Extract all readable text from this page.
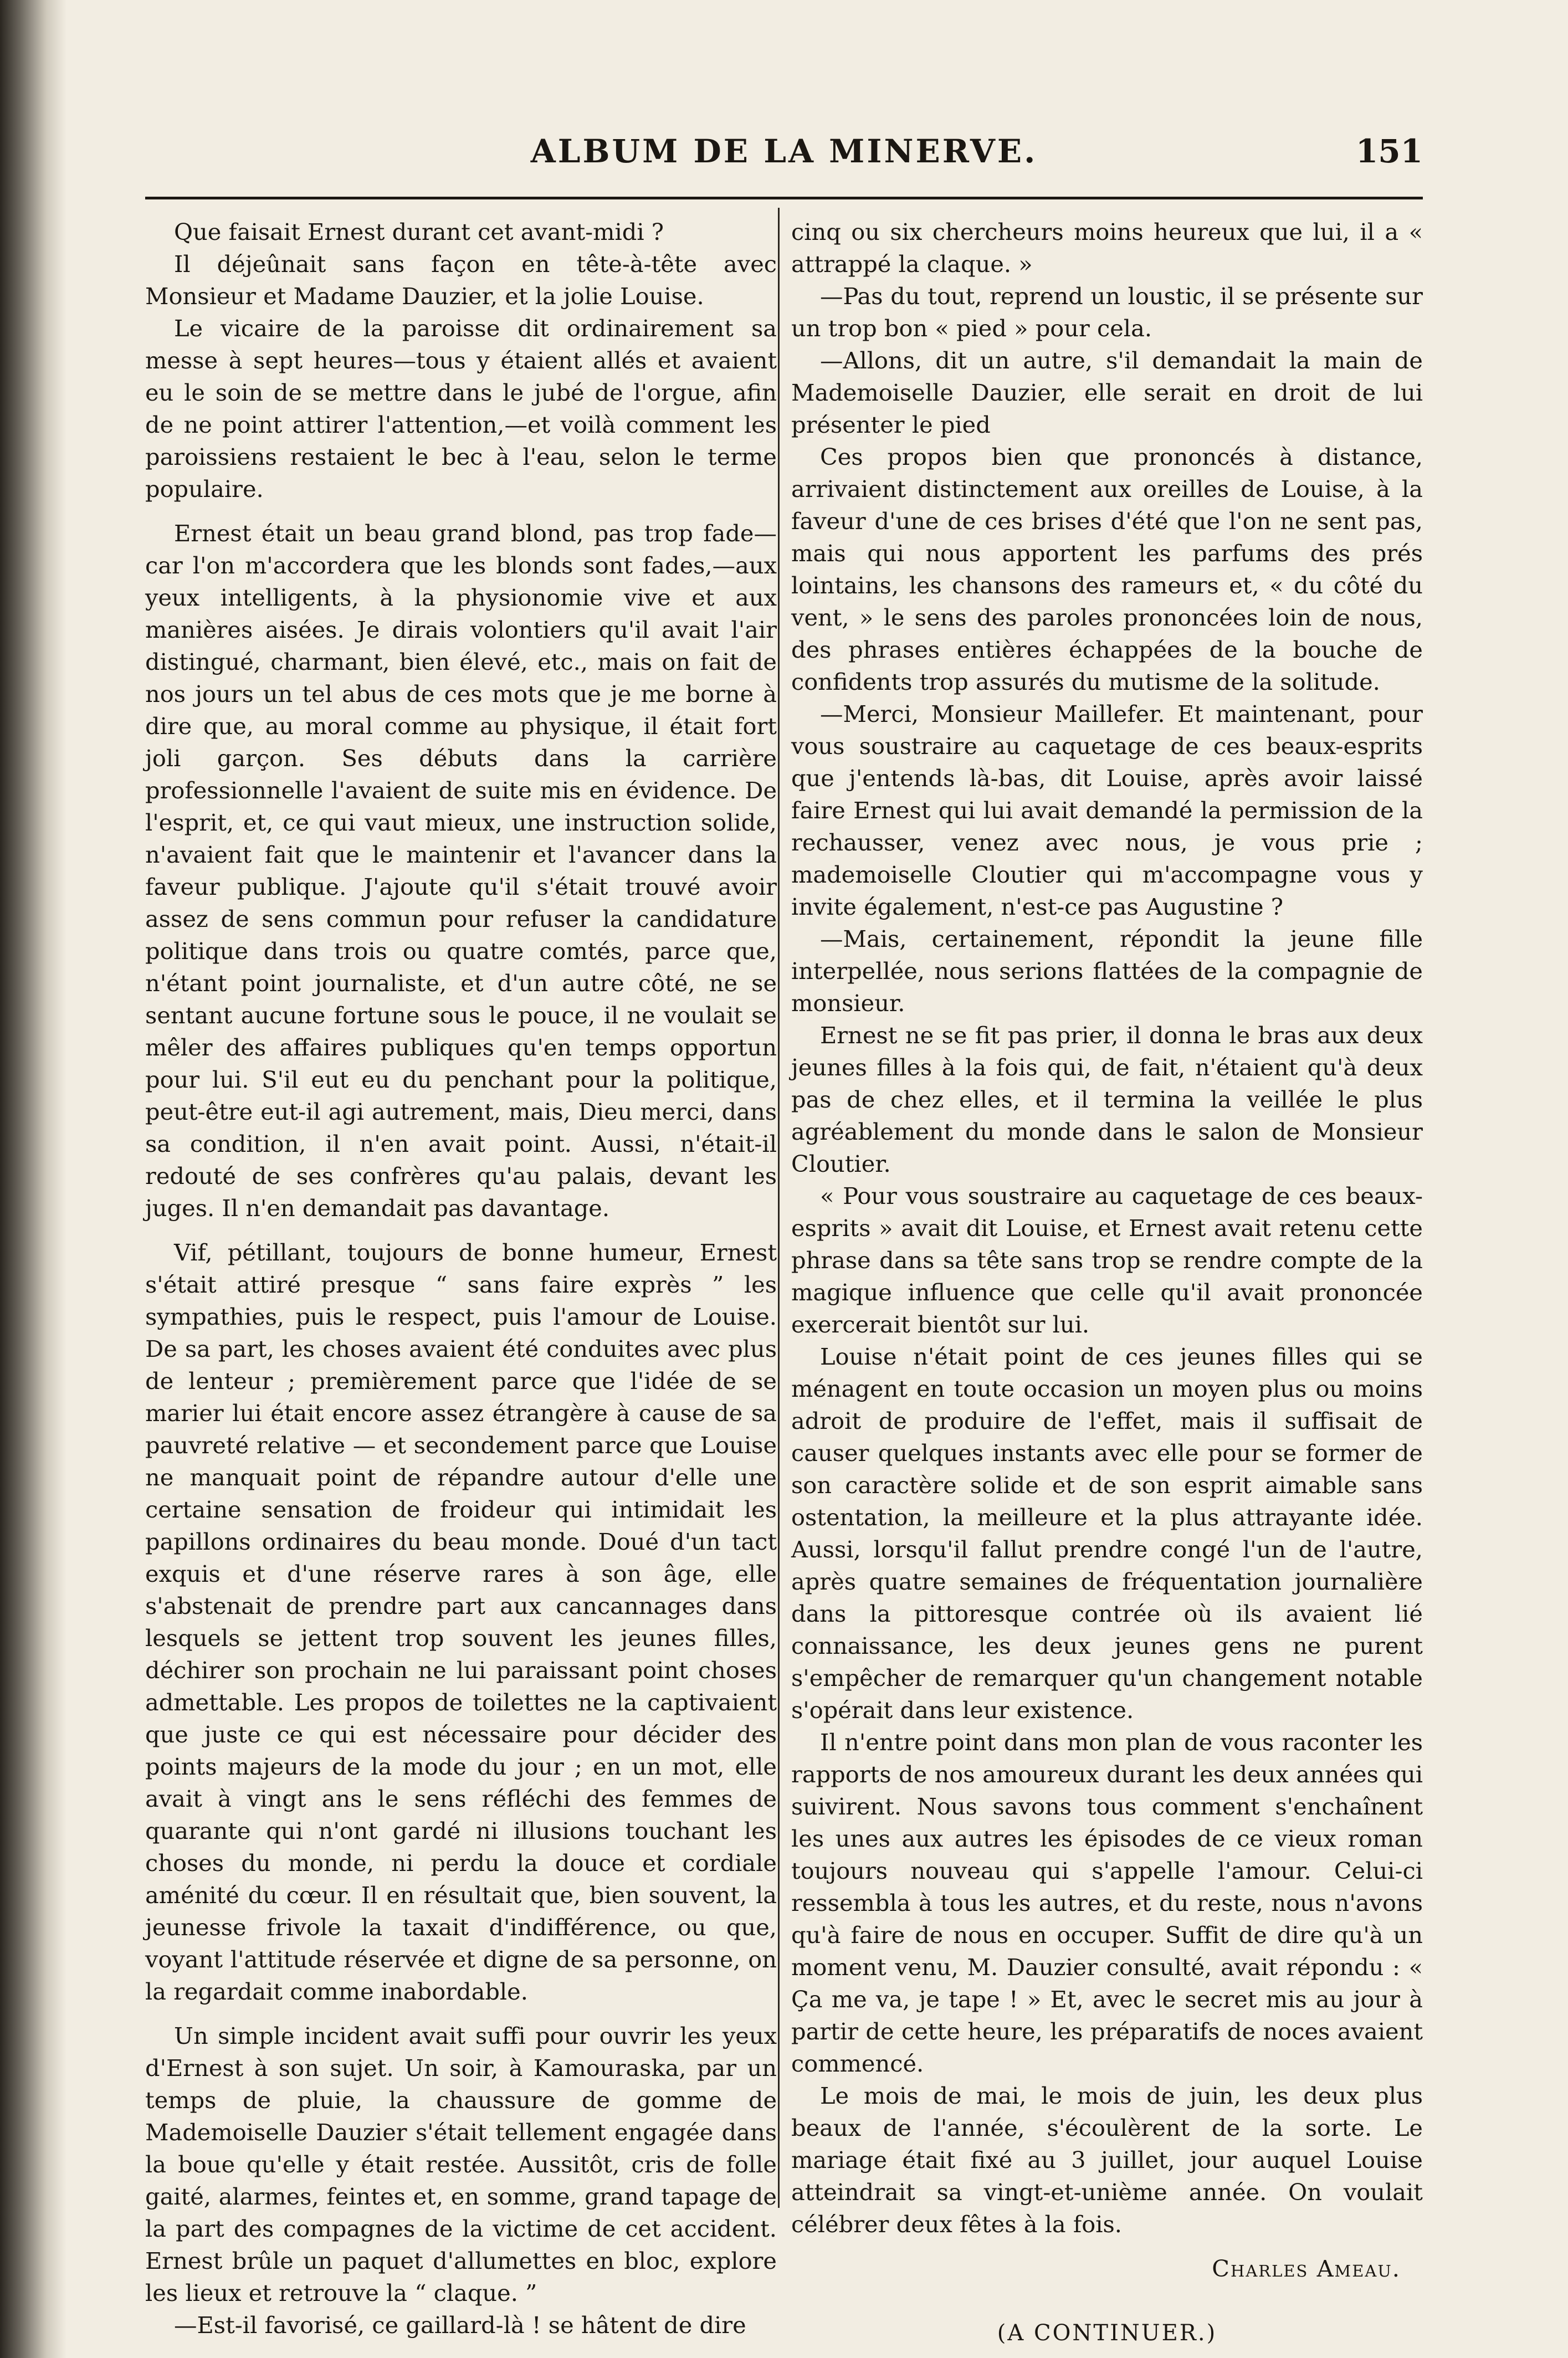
ALBUM DE LA MINERVE.	151

Que faisait Ernest durant cet avant-midi ?

Il déjeûnait sans façon en tête-à-tête avec Monsieur et Madame Dauzier, et la jolie Louise.

Le vicaire de la paroisse dit ordinairement sa messe à sept heures—tous y étaient allés et avaient eu le soin de se mettre dans le jubé de l'orgue, afin de ne point attirer l'attention,—et voilà comment les paroissiens restaient le bec à l'eau, selon le terme populaire.

Ernest était un beau grand blond, pas trop fade—car l'on m'accordera que les blonds sont fades,—aux yeux intelligents, à la physionomie vive et aux manières aisées. Je dirais volontiers qu'il avait l'air distingué, charmant, bien élevé, etc., mais on fait de nos jours un tel abus de ces mots que je me borne à dire que, au moral comme au physique, il était fort joli garçon. Ses débuts dans la carrière professionnelle l'avaient de suite mis en évidence. De l'esprit, et, ce qui vaut mieux, une instruction solide, n'avaient fait que le maintenir et l'avancer dans la faveur publique. J'ajoute qu'il s'était trouvé avoir assez de sens commun pour refuser la candidature politique dans trois ou quatre comtés, parce que, n'étant point journaliste, et d'un autre côté, ne se sentant aucune fortune sous le pouce, il ne voulait se mêler des affaires publiques qu'en temps opportun pour lui. S'il eut eu du penchant pour la politique, peut-être eut-il agi autrement, mais, Dieu merci, dans sa condition, il n'en avait point. Aussi, n'était-il redouté de ses confrères qu'au palais, devant les juges. Il n'en demandait pas davantage.

Vif, pétillant, toujours de bonne humeur, Ernest s'était attiré presque “ sans faire exprès ” les sympathies, puis le respect, puis l'amour de Louise. De sa part, les choses avaient été conduites avec plus de lenteur ; premièrement parce que l'idée de se marier lui était encore assez étrangère à cause de sa pauvreté relative — et secondement parce que Louise ne manquait point de répandre autour d'elle une certaine sensation de froideur qui intimidait les papillons ordinaires du beau monde. Doué d'un tact exquis et d'une réserve rares à son âge, elle s'abstenait de prendre part aux cancannages dans lesquels se jettent trop souvent les jeunes filles, déchirer son prochain ne lui paraissant point choses admettable. Les propos de toilettes ne la captivaient que juste ce qui est nécessaire pour décider des points majeurs de la mode du jour ; en un mot, elle avait à vingt ans le sens réfléchi des femmes de quarante qui n'ont gardé ni illusions touchant les choses du monde, ni perdu la douce et cordiale aménité du cœur. Il en résultait que, bien souvent, la jeunesse frivole la taxait d'indifférence, ou que, voyant l'attitude réservée et digne de sa personne, on la regardait comme inabordable.

Un simple incident avait suffi pour ouvrir les yeux d'Ernest à son sujet. Un soir, à Kamouraska, par un temps de pluie, la chaussure de gomme de Mademoiselle Dauzier s'était tellement engagée dans la boue qu'elle y était restée. Aussitôt, cris de folle gaité, alarmes, feintes et, en somme, grand tapage de la part des compagnes de la victime de cet accident. Ernest brûle un paquet d'allumettes en bloc, explore les lieux et retrouve la “ claque. ”

—Est-il favorisé, ce gaillard-là ! se hâtent de dire

cinq ou six chercheurs moins heureux que lui, il a « attrappé la claque. »

—Pas du tout, reprend un loustic, il se présente sur un trop bon « pied » pour cela.

—Allons, dit un autre, s'il demandait la main de Mademoiselle Dauzier, elle serait en droit de lui présenter le pied

Ces propos bien que prononcés à distance, arrivaient distinctement aux oreilles de Louise, à la faveur d'une de ces brises d'été que l'on ne sent pas, mais qui nous apportent les parfums des prés lointains, les chansons des rameurs et, « du côté du vent, » le sens des paroles prononcées loin de nous, des phrases entières échappées de la bouche de confidents trop assurés du mutisme de la solitude.

—Merci, Monsieur Maillefer. Et maintenant, pour vous soustraire au caquetage de ces beaux-esprits que j'entends là-bas, dit Louise, après avoir laissé faire Ernest qui lui avait demandé la permission de la rechausser, venez avec nous, je vous prie ; mademoiselle Cloutier qui m'accompagne vous y invite également, n'est-ce pas Augustine ?

—Mais, certainement, répondit la jeune fille interpellée, nous serions flattées de la compagnie de monsieur.

Ernest ne se fit pas prier, il donna le bras aux deux jeunes filles à la fois qui, de fait, n'étaient qu'à deux pas de chez elles, et il termina la veillée le plus agréablement du monde dans le salon de Monsieur Cloutier.

« Pour vous soustraire au caquetage de ces beaux-esprits » avait dit Louise, et Ernest avait retenu cette phrase dans sa tête sans trop se rendre compte de la magique influence que celle qu'il avait prononcée exercerait bientôt sur lui.

Louise n'était point de ces jeunes filles qui se ménagent en toute occasion un moyen plus ou moins adroit de produire de l'effet, mais il suffisait de causer quelques instants avec elle pour se former de son caractère solide et de son esprit aimable sans ostentation, la meilleure et la plus attrayante idée. Aussi, lorsqu'il fallut prendre congé l'un de l'autre, après quatre semaines de fréquentation journalière dans la pittoresque contrée où ils avaient lié connaissance, les deux jeunes gens ne purent s'empêcher de remarquer qu'un changement notable s'opérait dans leur existence.

Il n'entre point dans mon plan de vous raconter les rapports de nos amoureux durant les deux années qui suivirent. Nous savons tous comment s'enchaînent les unes aux autres les épisodes de ce vieux roman toujours nouveau qui s'appelle l'amour. Celui-ci ressembla à tous les autres, et du reste, nous n'avons qu'à faire de nous en occuper. Suffit de dire qu'à un moment venu, M. Dauzier consulté, avait répondu : « Ça me va, je tape ! » Et, avec le secret mis au jour à partir de cette heure, les préparatifs de noces avaient commencé.

Le mois de mai, le mois de juin, les deux plus beaux de l'année, s'écoulèrent de la sorte. Le mariage était fixé au 3 juillet, jour auquel Louise atteindrait sa vingt-et-unième année. On voulait célébrer deux fêtes à la fois.

Charles Ameau.
(A CONTINUER.)
